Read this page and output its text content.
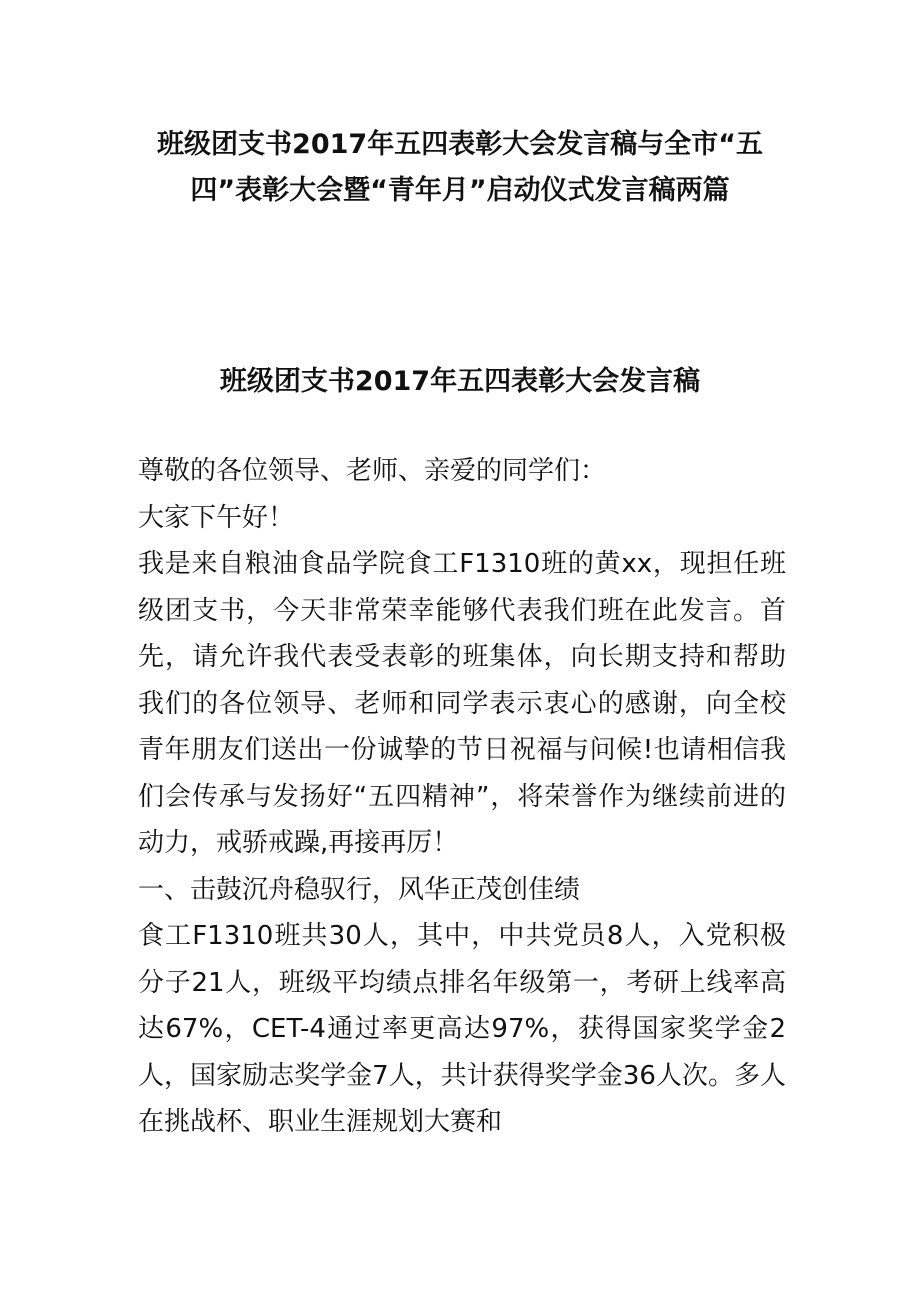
班级团支书2017年五四表彰大会发言稿与全市“五四”表彰大会暨“青年月”启动仪式发言稿两篇
班级团支书2017年五四表彰大会发言稿

尊敬的各位领导、老师、亲爱的同学们：

大家下午好！

我是来自粮油食品学院食工F1310班的黄xx，现担任班级团支书，今天非常荣幸能够代表我们班在此发言。首先，请允许我代表受表彰的班集体，向长期支持和帮助我们的各位领导、老师和同学表示衷心的感谢，向全校青年朋友们送出一份诚挚的节日祝福与问候!也请相信我们会传承与发扬好“五四精神”，将荣誉作为继续前进的动力，戒骄戒躁,再接再厉！

一、击鼓沉舟稳驭行，风华正茂创佳绩

食工F1310班共30人，其中，中共党员8人，入党积极分子21人，班级平均绩点排名年级第一，考研上线率高达67%，CET-4通过率更高达97%，获得国家奖学金2人，国家励志奖学金7人，共计获得奖学金36人次。多人在挑战杯、职业生涯规划大赛和
